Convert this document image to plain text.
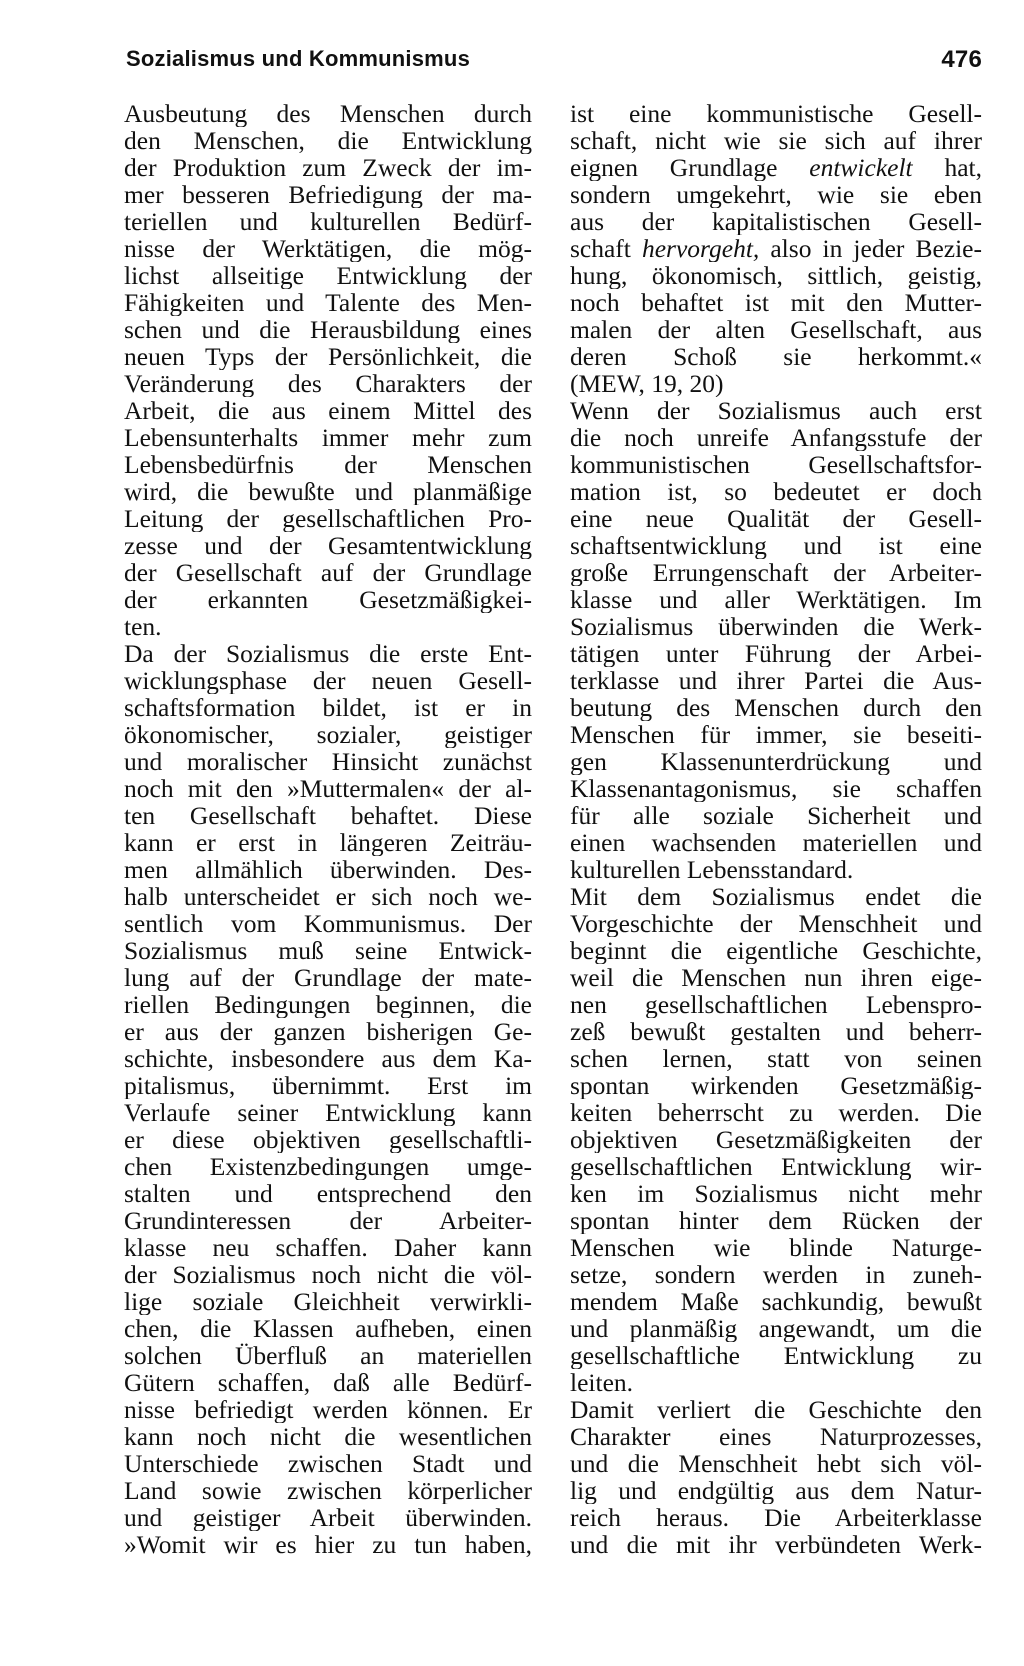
Sozialismus und Kommunismus	476
Ausbeutung des Menschen durch
den Menschen, die Entwicklung
der Produktion zum Zweck der im-
mer besseren Befriedigung der ma-
teriellen und kulturellen Bedürf-
nisse der Werktätigen, die mög-
lichst allseitige Entwicklung der
Fähigkeiten und Talente des Men-
schen und die Herausbildung eines
neuen Typs der Persönlichkeit, die
Veränderung des Charakters der
Arbeit, die aus einem Mittel des
Lebensunterhalts immer mehr zum
Lebensbedürfnis der Menschen
wird, die bewußte und planmäßige
Leitung der gesellschaftlichen Pro-
zesse und der Gesamtentwicklung
der Gesellschaft auf der Grundlage
der erkannten Gesetzmäßigkei-
ten.
Da der Sozialismus die erste Ent-
wicklungsphase der neuen Gesell-
schaftsformation bildet, ist er in
ökonomischer, sozialer, geistiger
und moralischer Hinsicht zunächst
noch mit den »Muttermalen« der al-
ten Gesellschaft behaftet. Diese
kann er erst in längeren Zeiträu-
men allmählich überwinden. Des-
halb unterscheidet er sich noch we-
sentlich vom Kommunismus. Der
Sozialismus muß seine Entwick-
lung auf der Grundlage der mate-
riellen Bedingungen beginnen, die
er aus der ganzen bisherigen Ge-
schichte, insbesondere aus dem Ka-
pitalismus, übernimmt. Erst im
Verlaufe seiner Entwicklung kann
er diese objektiven gesellschaftli-
chen Existenzbedingungen umge-
stalten und entsprechend den
Grundinteressen der Arbeiter-
klasse neu schaffen. Daher kann
der Sozialismus noch nicht die völ-
lige soziale Gleichheit verwirkli-
chen, die Klassen aufheben, einen
solchen Überfluß an materiellen
Gütern schaffen, daß alle Bedürf-
nisse befriedigt werden können. Er
kann noch nicht die wesentlichen
Unterschiede zwischen Stadt und
Land sowie zwischen körperlicher
und geistiger Arbeit überwinden.
»Womit wir es hier zu tun haben,
ist eine kommunistische Gesell-
schaft, nicht wie sie sich auf ihrer
eignen Grundlage entwickelt hat,
sondern umgekehrt, wie sie eben
aus der kapitalistischen Gesell-
schaft hervorgeht, also in jeder Bezie-
hung, ökonomisch, sittlich, geistig,
noch behaftet ist mit den Mutter-
malen der alten Gesellschaft, aus
deren Schoß sie herkommt.«
(MEW, 19, 20)
Wenn der Sozialismus auch erst
die noch unreife Anfangsstufe der
kommunistischen Gesellschaftsfor-
mation ist, so bedeutet er doch
eine neue Qualität der Gesell-
schaftsentwicklung und ist eine
große Errungenschaft der Arbeiter-
klasse und aller Werktätigen. Im
Sozialismus überwinden die Werk-
tätigen unter Führung der Arbei-
terklasse und ihrer Partei die Aus-
beutung des Menschen durch den
Menschen für immer, sie beseiti-
gen Klassenunterdrückung und
Klassenantagonismus, sie schaffen
für alle soziale Sicherheit und
einen wachsenden materiellen und
kulturellen Lebensstandard.
Mit dem Sozialismus endet die
Vorgeschichte der Menschheit und
beginnt die eigentliche Geschichte,
weil die Menschen nun ihren eige-
nen gesellschaftlichen Lebenspro-
zeß bewußt gestalten und beherr-
schen lernen, statt von seinen
spontan wirkenden Gesetzmäßig-
keiten beherrscht zu werden. Die
objektiven Gesetzmäßigkeiten der
gesellschaftlichen Entwicklung wir-
ken im Sozialismus nicht mehr
spontan hinter dem Rücken der
Menschen wie blinde Naturge-
setze, sondern werden in zuneh-
mendem Maße sachkundig, bewußt
und planmäßig angewandt, um die
gesellschaftliche Entwicklung zu
leiten.
Damit verliert die Geschichte den
Charakter eines Naturprozesses,
und die Menschheit hebt sich völ-
lig und endgültig aus dem Natur-
reich heraus. Die Arbeiterklasse
und die mit ihr verbündeten Werk-
